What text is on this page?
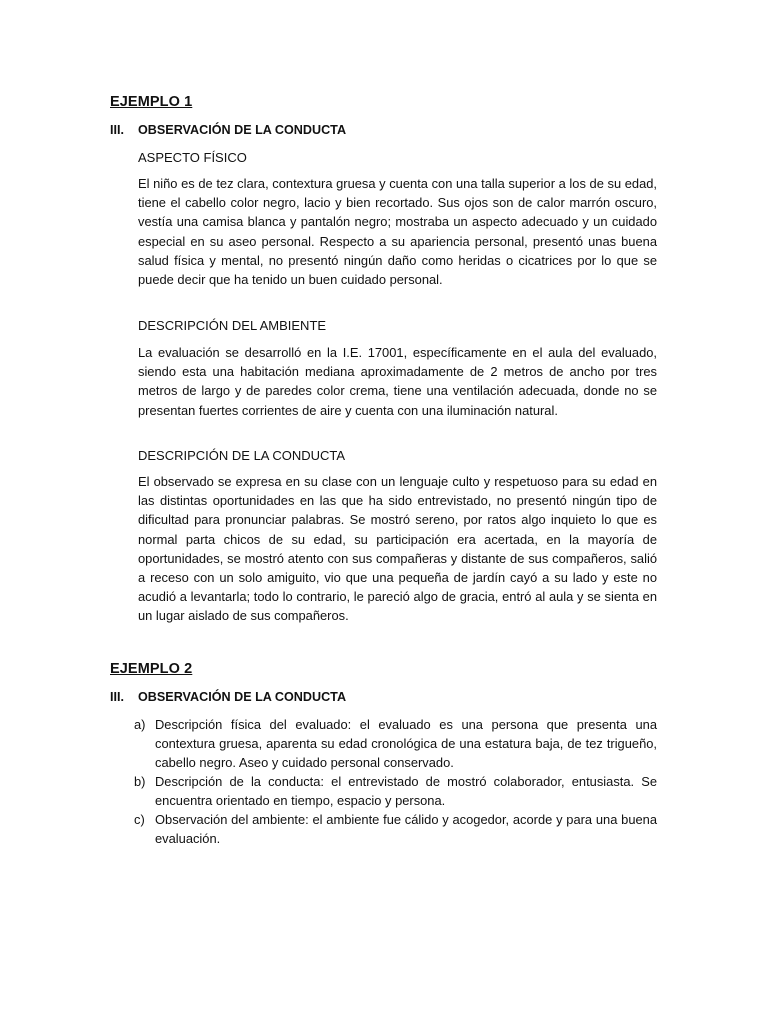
EJEMPLO 1
III. OBSERVACIÓN DE LA CONDUCTA
ASPECTO FÍSICO
El niño es de tez clara, contextura gruesa y cuenta con una talla superior a los de su edad, tiene el cabello color negro, lacio y bien recortado. Sus ojos son de calor marrón oscuro, vestía una camisa blanca y pantalón negro; mostraba un aspecto adecuado y un cuidado especial en su aseo personal. Respecto a su apariencia personal, presentó unas buena salud física y mental, no presentó ningún daño como heridas o cicatrices por lo que se puede decir que ha tenido un buen cuidado personal.
DESCRIPCIÓN DEL AMBIENTE
La evaluación se desarrolló en la I.E. 17001, específicamente en el aula del evaluado, siendo esta una habitación mediana aproximadamente de 2 metros de ancho por tres metros de largo y de paredes color crema, tiene una ventilación adecuada, donde no se presentan fuertes corrientes de aire y cuenta con una iluminación natural.
DESCRIPCIÓN DE LA CONDUCTA
El observado se expresa en su clase con un lenguaje culto y respetuoso para su edad en las distintas oportunidades en las que ha sido entrevistado, no presentó ningún tipo de dificultad para pronunciar palabras. Se mostró sereno, por ratos algo inquieto lo que es normal parta chicos de su edad, su participación era acertada, en la mayoría de oportunidades, se mostró atento con sus compañeras y distante de sus compañeros, salió a receso con un solo amiguito, vio que una pequeña de jardín cayó a su lado y este no acudió a levantarla; todo lo contrario, le pareció algo de gracia, entró al aula y se sienta en un lugar aislado de sus compañeros.
EJEMPLO 2
III. OBSERVACIÓN DE LA CONDUCTA
a) Descripción física del evaluado: el evaluado es una persona que presenta una contextura gruesa, aparenta su edad cronológica de una estatura baja, de tez trigueño, cabello negro. Aseo y cuidado personal conservado.
b) Descripción de la conducta: el entrevistado de mostró colaborador, entusiasta. Se encuentra orientado en tiempo, espacio y persona.
c) Observación del ambiente: el ambiente fue cálido y acogedor, acorde y para una buena evaluación.
